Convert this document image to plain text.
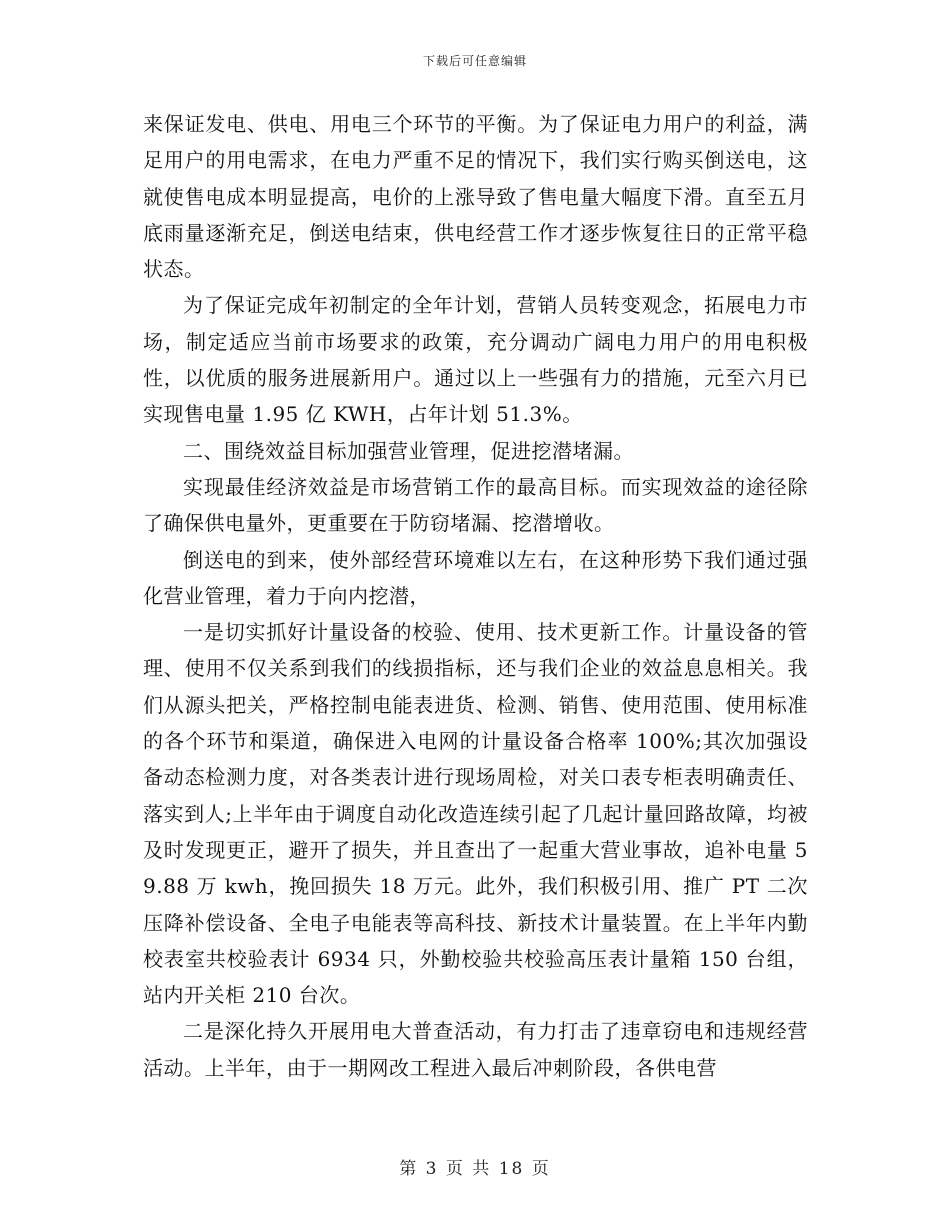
下载后可任意编辑

来保证发电、供电、用电三个环节的平衡。为了保证电力用户的利益，满足用户的用电需求，在电力严重不足的情况下，我们实行购买倒送电，这就使售电成本明显提高，电价的上涨导致了售电量大幅度下滑。直至五月底雨量逐渐充足，倒送电结束，供电经营工作才逐步恢复往日的正常平稳状态。

为了保证完成年初制定的全年计划，营销人员转变观念，拓展电力市场，制定适应当前市场要求的政策，充分调动广阔电力用户的用电积极性，以优质的服务进展新用户。通过以上一些强有力的措施，元至六月已实现售电量 1.95 亿 KWH，占年计划 51.3%。

二、围绕效益目标加强营业管理，促进挖潜堵漏。

实现最佳经济效益是市场营销工作的最高目标。而实现效益的途径除了确保供电量外，更重要在于防窃堵漏、挖潜增收。

倒送电的到来，使外部经营环境难以左右，在这种形势下我们通过强化营业管理，着力于向内挖潜，

一是切实抓好计量设备的校验、使用、技术更新工作。计量设备的管理、使用不仅关系到我们的线损指标，还与我们企业的效益息息相关。我们从源头把关，严格控制电能表进货、检测、销售、使用范围、使用标准的各个环节和渠道，确保进入电网的计量设备合格率 100%;其次加强设备动态检测力度，对各类表计进行现场周检，对关口表专柜表明确责任、落实到人;上半年由于调度自动化改造连续引起了几起计量回路故障，均被及时发现更正，避开了损失，并且查出了一起重大营业事故，追补电量 59.88 万 kwh，挽回损失 18 万元。此外，我们积极引用、推广 PT 二次压降补偿设备、全电子电能表等高科技、新技术计量装置。在上半年内勤校表室共校验表计 6934 只，外勤校验共校验高压表计量箱 150 台组，站内开关柜 210 台次。

二是深化持久开展用电大普查活动，有力打击了违章窃电和违规经营活动。上半年，由于一期网改工程进入最后冲刺阶段，各供电营

第 3 页 共 18 页
